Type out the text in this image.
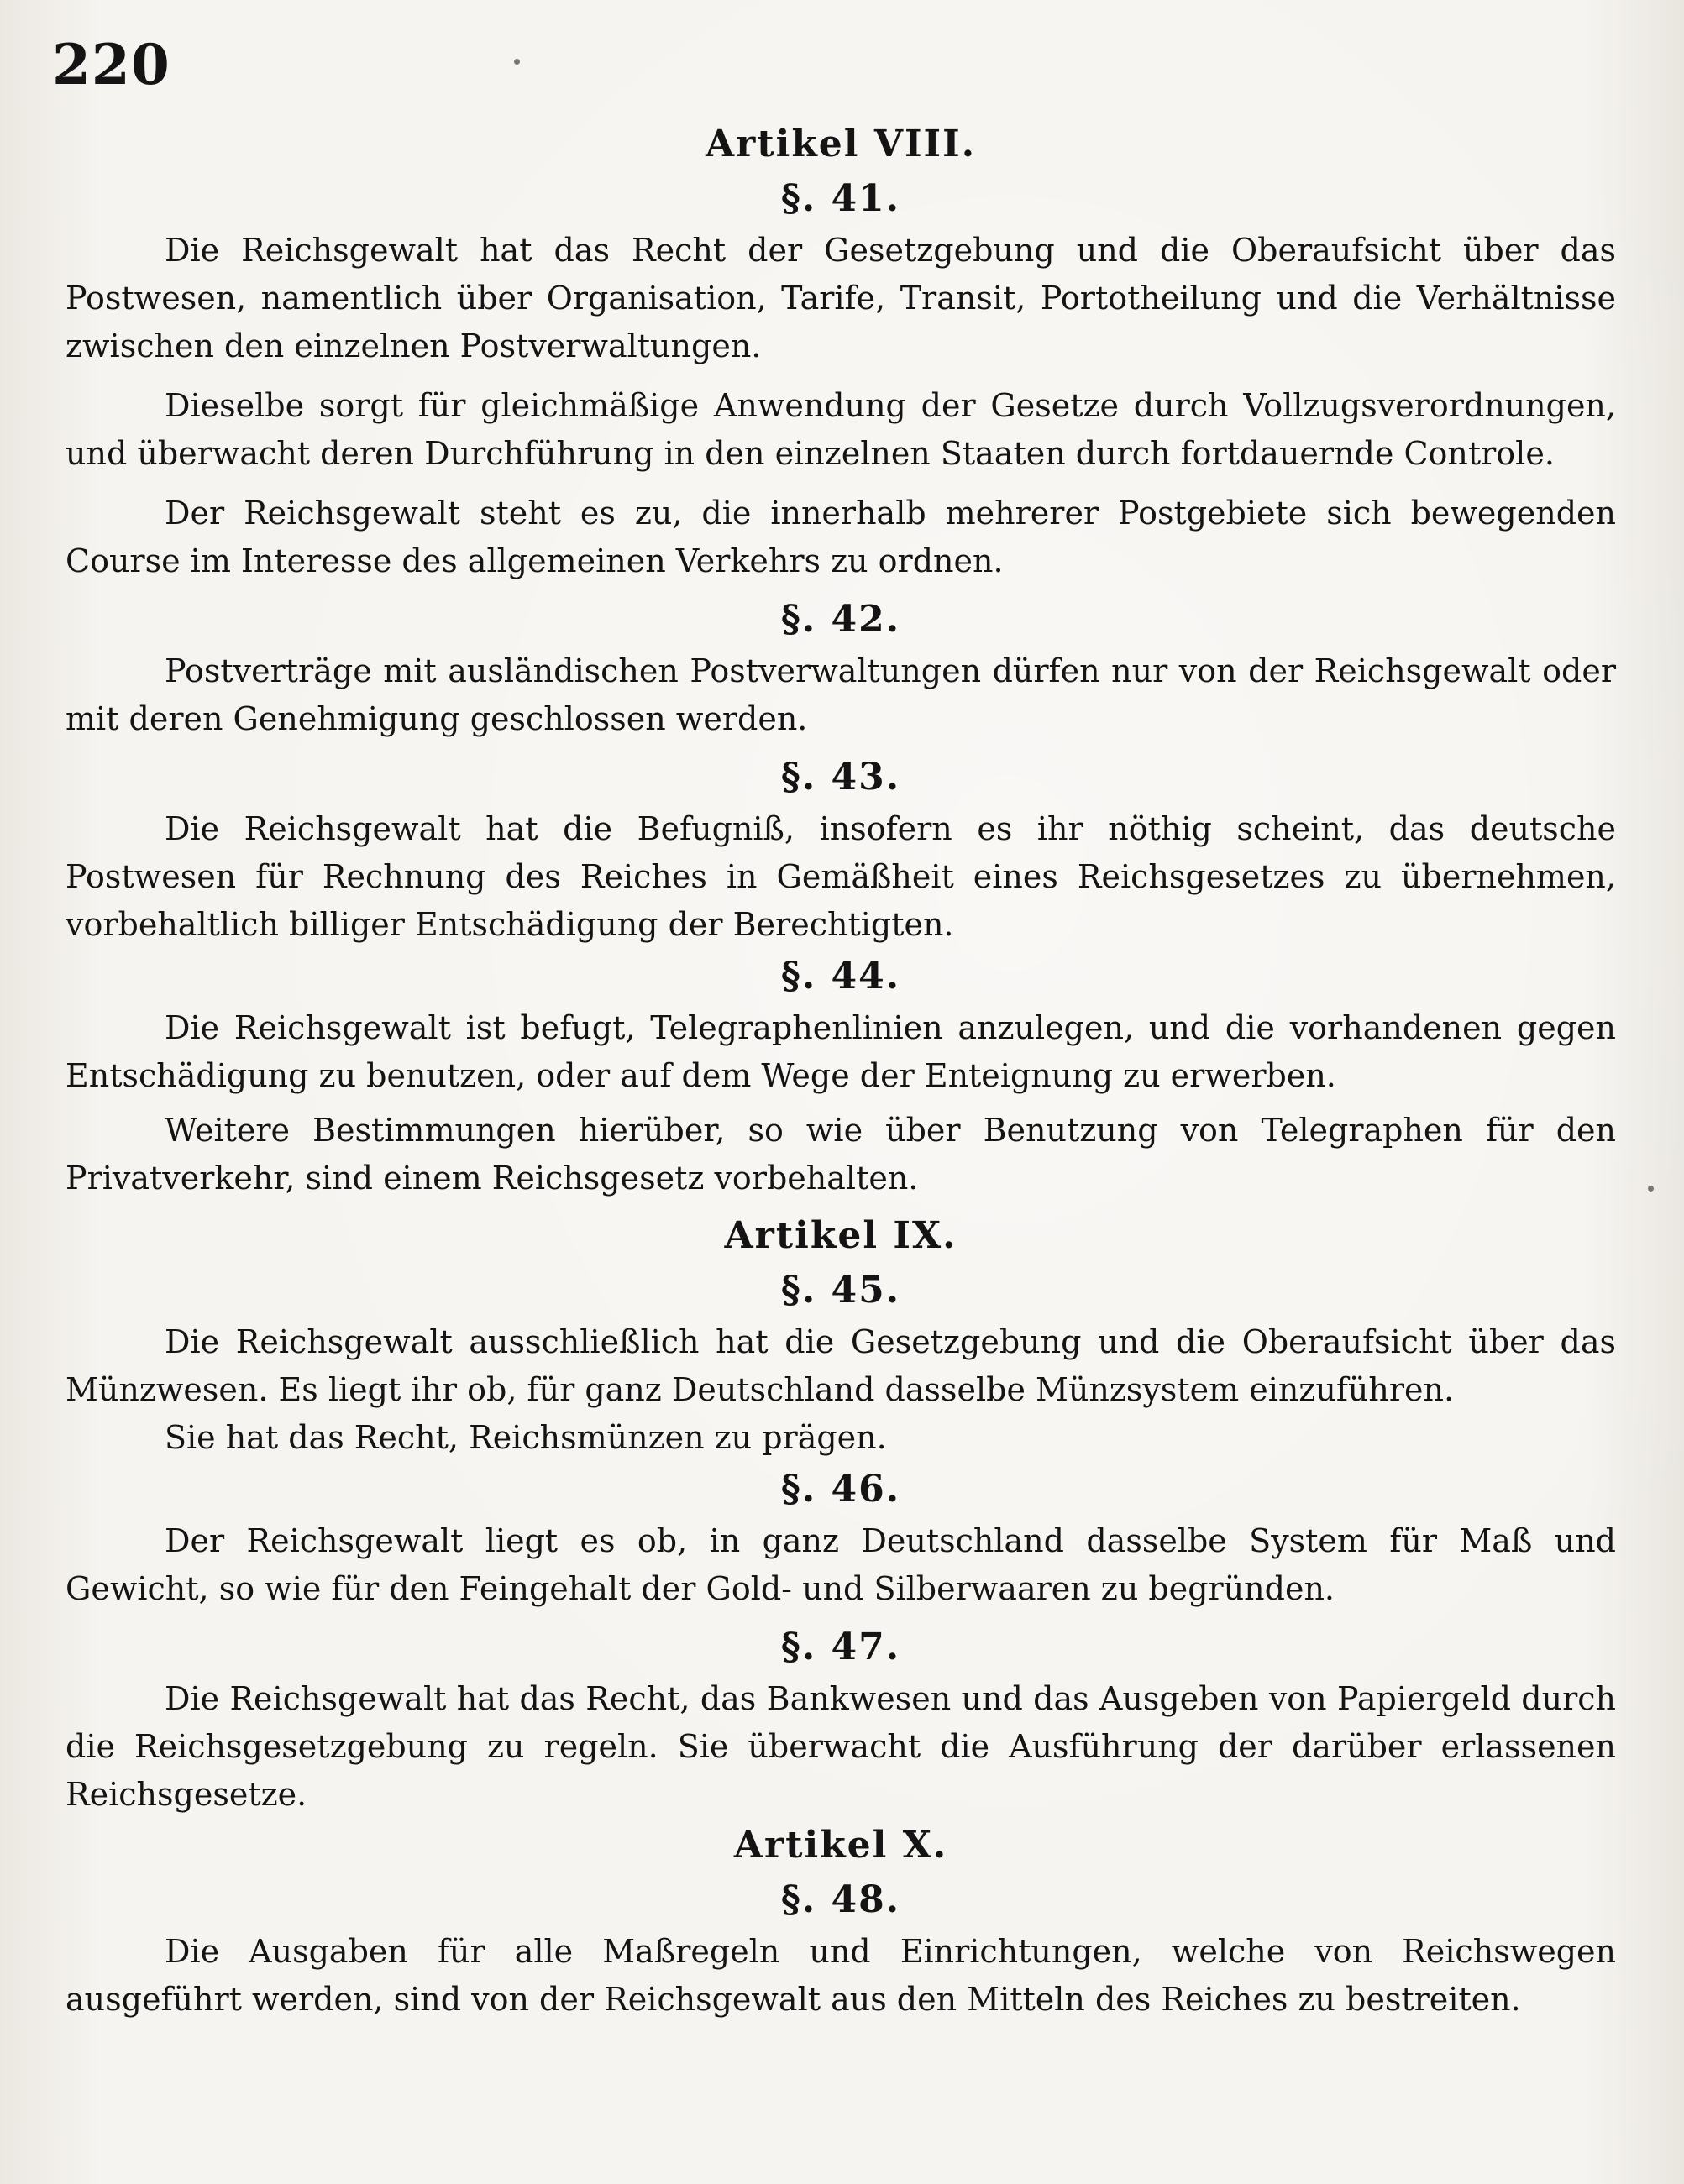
220
Artikel VIII.
§. 41.

Die Reichsgewalt hat das Recht der Gesetzgebung und die Oberaufsicht über das Postwesen, namentlich über Organisation, Tarife, Transit, Portotheilung und die Verhältnisse zwischen den einzelnen Postverwaltungen.

Dieselbe sorgt für gleichmäßige Anwendung der Gesetze durch Vollzugsverordnungen, und überwacht deren Durchführung in den einzelnen Staaten durch fortdauernde Controle.

Der Reichsgewalt steht es zu, die innerhalb mehrerer Postgebiete sich bewegenden Course im Interesse des allgemeinen Verkehrs zu ordnen.

§. 42.

Postverträge mit ausländischen Postverwaltungen dürfen nur von der Reichsgewalt oder mit deren Genehmigung geschlossen werden.

§. 43.

Die Reichsgewalt hat die Befugniß, insofern es ihr nöthig scheint, das deutsche Postwesen für Rechnung des Reiches in Gemäßheit eines Reichsgesetzes zu übernehmen, vorbehaltlich billiger Entschädigung der Berechtigten.

§. 44.

Die Reichsgewalt ist befugt, Telegraphenlinien anzulegen, und die vorhandenen gegen Entschädigung zu benutzen, oder auf dem Wege der Enteignung zu erwerben.

Weitere Bestimmungen hierüber, so wie über Benutzung von Telegraphen für den Privatverkehr, sind einem Reichsgesetz vorbehalten.

Artikel IX.
§. 45.

Die Reichsgewalt ausschließlich hat die Gesetzgebung und die Oberaufsicht über das Münzwesen. Es liegt ihr ob, für ganz Deutschland dasselbe Münzsystem einzuführen.

Sie hat das Recht, Reichsmünzen zu prägen.

§. 46.

Der Reichsgewalt liegt es ob, in ganz Deutschland dasselbe System für Maß und Gewicht, so wie für den Feingehalt der Gold- und Silberwaaren zu begründen.

§. 47.

Die Reichsgewalt hat das Recht, das Bankwesen und das Ausgeben von Papiergeld durch die Reichsgesetzgebung zu regeln. Sie überwacht die Ausführung der darüber erlassenen Reichsgesetze.

Artikel X.
§. 48.

Die Ausgaben für alle Maßregeln und Einrichtungen, welche von Reichswegen ausgeführt werden, sind von der Reichsgewalt aus den Mitteln des Reiches zu bestreiten.
